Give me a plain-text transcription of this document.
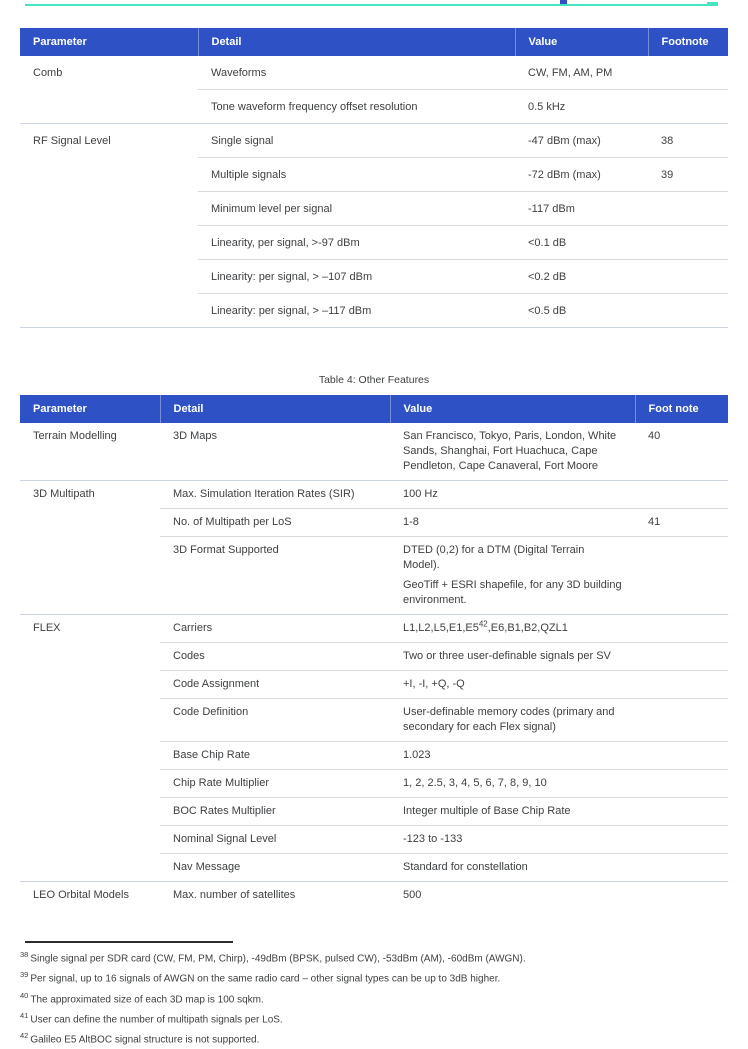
Parameter	Detail	Value	Footnote
Comb	Waveforms	CW, FM, AM, PM	
	Tone waveform frequency offset resolution	0.5 kHz	
RF Signal Level	Single signal	-47 dBm (max)	38
	Multiple signals	-72 dBm (max)	39
	Minimum level per signal	-117 dBm	
	Linearity, per signal, >-97 dBm	<0.1 dB	
	Linearity: per signal, > –107 dBm	<0.2 dB	
	Linearity: per signal, > –117 dBm	<0.5 dB	
Table 4: Other Features
Parameter	Detail	Value	Foot note
Terrain Modelling	3D Maps	San Francisco, Tokyo, Paris, London, White Sands, Shanghai, Fort Huachuca, Cape Pendleton, Cape Canaveral, Fort Moore	40
3D Multipath	Max. Simulation Iteration Rates (SIR)	100 Hz	
	No. of Multipath per LoS	1-8	41
	3D Format Supported	DTED (0,2) for a DTM (Digital Terrain Model).
GeoTiff + ESRI shapefile, for any 3D building environment.	

FLEX	Carriers	$L1,L2,L5,E1,E5^{42},E6,B1,B2,QZL1$	
	Codes	Two or three user-definable signals per SV	
	Code Assignment	+I, -I, +Q, -Q	
	Code Definition	User-definable memory codes (primary and secondary for each Flex signal)	
	Base Chip Rate	1.023	
	Chip Rate Multiplier	1, 2, 2.5, 3, 4, 5, 6, 7, 8, 9, 10	
	BOC Rates Multiplier	Integer multiple of Base Chip Rate	
	Nominal Signal Level	-123 to -133	
	Nav Message	Standard for constellation	
LEO Orbital Models	Max. number of satellites	500	
$^{38}$ Single signal per SDR card (CW, FM, PM, Chirp), -49dBm (BPSK, pulsed CW), -53dBm (AM), -60dBm (AWGN).
$^{39}$ Per signal, up to 16 signals of AWGN on the same radio card – other signal types can be up to 3dB higher.
$^{40}$ The approximated size of each 3D map is 100 sqkm.
$^{41}$ User can define the number of multipath signals per LoS.
$^{42}$ Galileo E5 AltBOC signal structure is not supported.
